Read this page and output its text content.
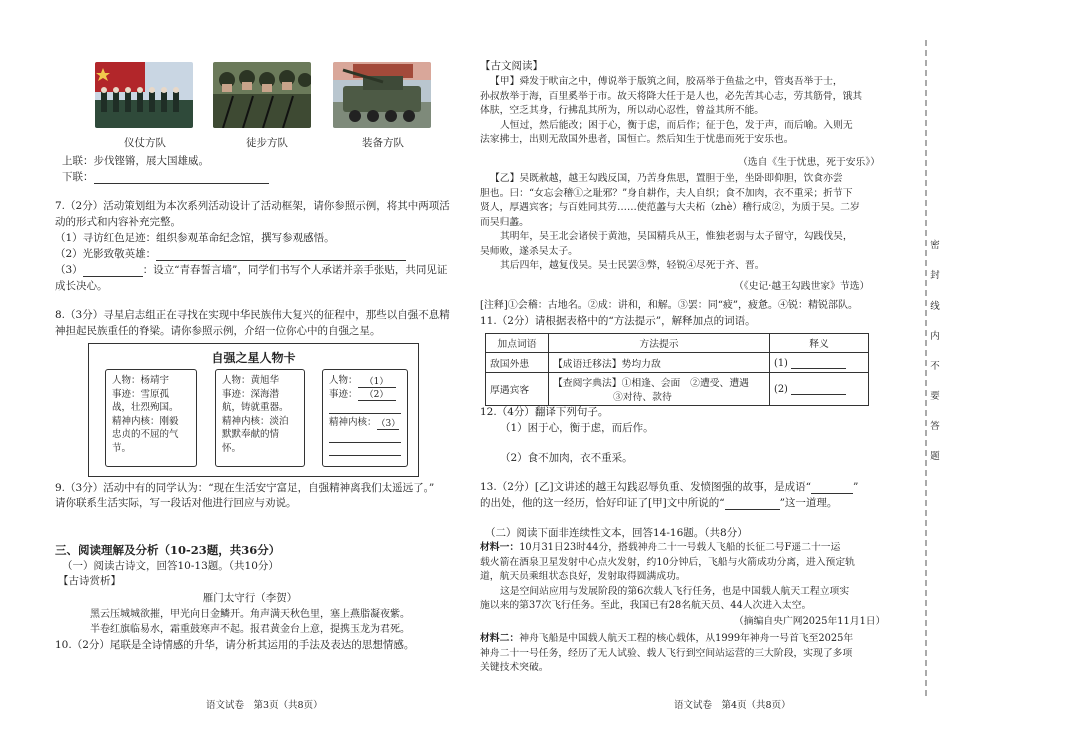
仪仗方队	徒步方队	装备方队
上联：步伐铿锵，展大国雄威。
下联：
7.（2分）活动策划组为本次系列活动设计了活动框架，请你参照示例，将其中两项活
动的形式和内容补充完整。
（1）寻访红色足迹：组织参观革命纪念馆，撰写参观感悟。
（2）光影致敬英雄：
（3）	：设立“青春誓言墙”，同学们书写个人承诺并亲手张贴，共同见证
成长决心。
8.（3分）寻星启志组正在寻找在实现中华民族伟大复兴的征程中，那些以自强不息精
神担起民族重任的脊梁。请你参照示例，介绍一位你心中的自强之星。
自强之星人物卡
人物：杨靖宇
事迹：雪原孤
战，壮烈殉国。
精神内核：刚毅
忠贞的不屈的气
节。
人物：黄旭华
事迹：深海潜
航，铸就重器。
精神内核：淡泊
默默奉献的情
怀。
人物： （1）
事迹： （2）
精神内核：（3）
9.（3分）活动中有的同学认为：“现在生活安宁富足，自强精神离我们太遥远了。”
请你联系生活实际，写一段话对他进行回应与劝说。
三、阅读理解及分析（10-23题，共36分）
（一）阅读古诗文，回答10-13题。（共10分）
【古诗赏析】
雁门太守行（李贺）
黑云压城城欲摧，甲光向日金鳞开。角声满天秋色里，塞上燕脂凝夜紫。
半卷红旗临易水，霜重鼓寒声不起。报君黄金台上意，提携玉龙为君死。
10.（2分）尾联是全诗情感的升华，请分析其运用的手法及表达的思想情感。
语文试卷　第3页（共8页）
【古文阅读】
【甲】舜发于畎亩之中，傅说举于版筑之间，胶鬲举于鱼盐之中，管夷吾举于士，
孙叔敖举于海，百里奚举于市。故天将降大任于是人也，必先苦其心志，劳其筋骨，饿其
体肤，空乏其身，行拂乱其所为，所以动心忍性，曾益其所不能。
人恒过，然后能改；困于心，衡于虑，而后作；征于色，发于声，而后喻。入则无
法家拂士，出则无敌国外患者，国恒亡。然后知生于忧患而死于安乐也。
（选自《生于忧患，死于安乐》）
【乙】吴既赦越，越王勾践反国，乃苦身焦思，置胆于坐，坐卧即仰胆，饮食亦尝
胆也。曰：“女忘会稽①之耻邪？”身自耕作，夫人自织；食不加肉，衣不重采；折节下
贤人，厚遇宾客；与百姓同其劳……使范蠡与大夫柘（zhè）稽行成②，为质于吴。二岁
而吴归蠡。
其明年，吴王北会诸侯于黄池，吴国精兵从王，惟独老弱与太子留守，勾践伐吴，
吴师败，遂杀吴太子。
其后四年，越复伐吴。吴士民罢③弊，轻锐④尽死于齐、晋。
（《史记·越王勾践世家》节选）
[注释]①会稽：古地名。②成：讲和，和解。③罢：同“疲”，疲惫。④锐：精锐部队。
11.（2分）请根据表格中的“方法提示”，解释加点的词语。
加点词语	方法提示	释义
敌国外患	【成语迁移法】势均力敌	(1)
厚遇宾客	【查阅字典法】①相逢、会面　②遭受、遭遇
③对待、款待	(2)
12.（4分）翻译下列句子。
（1）困于心，衡于虑，而后作。
（2）食不加肉，衣不重采。
13.（2分）[乙]文讲述的越王勾践忍辱负重、发愤图强的故事，是成语“	”
的出处，他的这一经历，恰好印证了[甲]文中所说的“	”这一道理。
（二）阅读下面非连续性文本，回答14-16题。（共8分）
材料一：10月31日23时44分，搭载神舟二十一号载人飞船的长征二号F遥二十一运
载火箭在酒泉卫星发射中心点火发射，约10分钟后，飞船与火箭成功分离，进入预定轨
道，航天员乘组状态良好，发射取得圆满成功。
这是空间站应用与发展阶段的第6次载人飞行任务，也是中国载人航天工程立项实
施以来的第37次飞行任务。至此，我国已有28名航天员、44人次进入太空。
（摘编自央广网2025年11月1日）
材料二：神舟飞船是中国载人航天工程的核心载体，从1999年神舟一号首飞至2025年
神舟二十一号任务，经历了无人试验、载人飞行到空间站运营的三大阶段，实现了多项
关键技术突破。
语文试卷　第4页（共8页）
密
封
线
内
不
要
答
题
